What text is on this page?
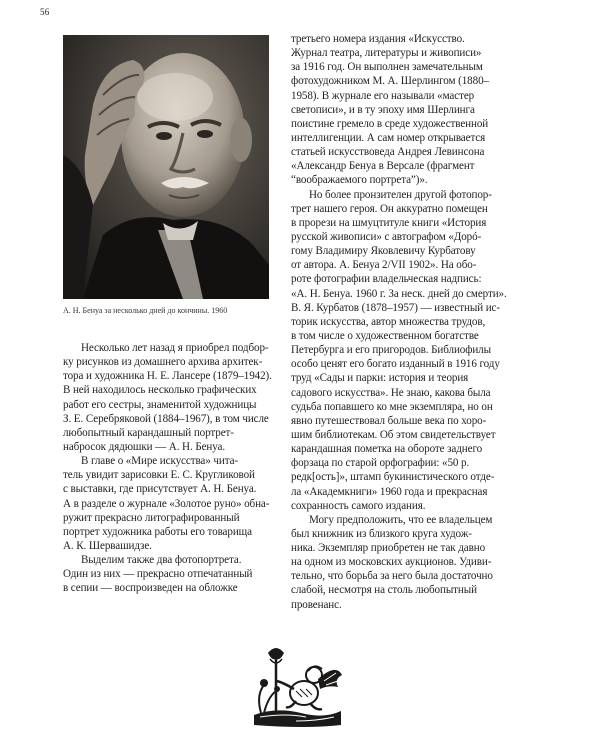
56
А. Н. Бенуа за несколько дней до кончины. 1960

Несколько лет назад я приобрел подбор-
ку рисунков из домашнего архива архитек-
тора и художника Н. Е. Лансере (1879–1942).
В ней находилось несколько графических
работ его сестры, знаменитой художницы
З. Е. Серебряковой (1884–1967), в том числе
любопытный карандашный портрет-
набросок дядюшки — А. Н. Бенуа.

В главе о «Мире искусства» чита-
тель увидит зарисовки Е. С. Кругликовой
с выставки, где присутствует А. Н. Бенуа.
А в разделе о журнале «Золотое руно» обна-
ружит прекрасно литографированный
портрет художника работы его товарища
А. К. Шервашидзе.

Выделим также два фотопортрета.
Один из них — прекрасно отпечатанный
в сепии — воспроизведен на обложке

третьего номера издания «Искусство.
Журнал театра, литературы и живописи»
за 1916 год. Он выполнен замечательным
фотохудожником М. А. Шерлингом (1880–
1958). В журнале его называли «мастер
светописи», и в ту эпоху имя Шерлинга
поистине гремело в среде художественной
интеллигенции. А сам номер открывается
статьей искусствоведа Андрея Левинсона
«Александр Бенуа в Версале (фрагмент
“воображаемого портрета”)».

Но более пронзителен другой фотопор-
трет нашего героя. Он аккуратно помещен
в прорези на шмуцтитуле книги «История
русской живописи» с автографом «Дорó-
гому Владимиру Яковлевичу Курбатову
от автора. А. Бенуа 2/VII 1902». На обо-
роте фотографии владельческая надпись:
«А. Н. Бенуа. 1960 г. За неск. дней до смерти».
В. Я. Курбатов (1878–1957) — известный ис-
торик искусства, автор множества трудов,
в том числе о художественном богатстве
Петербурга и его пригородов. Библиофилы
особо ценят его богато изданный в 1916 году
труд «Сады и парки: история и теория
садового искусства». Не знаю, какова была
судьба попавшего ко мне экземпляра, но он
явно путешествовал больше века по хоро-
шим библиотекам. Об этом свидетельствует
карандашная пометка на обороте заднего
форзаца по старой орфографии: «50 р.
редк[ость]», штамп букинистического отде-
ла «Академкниги» 1960 года и прекрасная
сохранность самого издания.

Могу предположить, что ее владельцем
был книжник из близкого круга худож-
ника. Экземпляр приобретен не так давно
на одном из московских аукционов. Удиви-
тельно, что борьба за него была достаточно
слабой, несмотря на столь любопытный
провенанс.
